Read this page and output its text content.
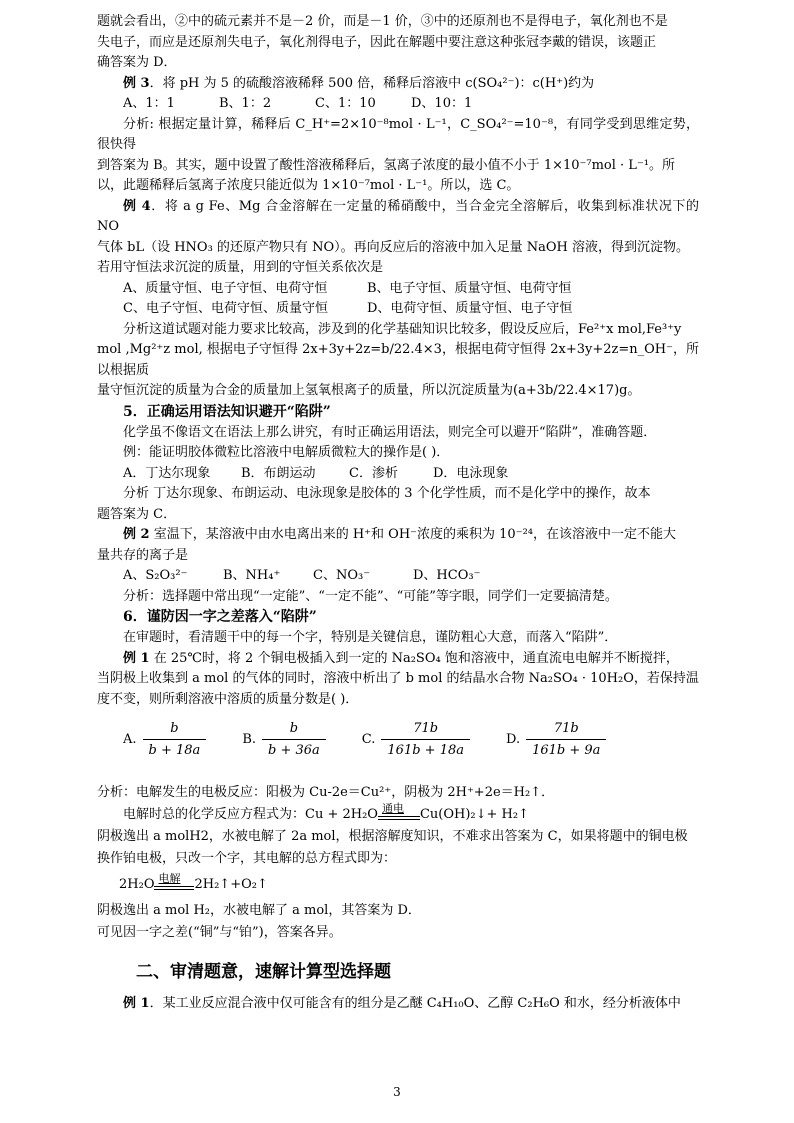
题就会看出，②中的硫元素并不是－2 价，而是－1 价，③中的还原剂也不是得电子，氧化剂也不是

失电子，而应是还原剂失电子，氧化剂得电子，因此在解题中要注意这种张冠李戴的错误，该题正

确答案为 D．

例 3．将 pH 为 5 的硫酸溶液稀释 500 倍，稀释后溶液中 c(SO₄²⁻)：c(H⁺)约为

A、1：1	B、1：2	C、1：10	D、10：1

分析: 根据定量计算，稀释后 C_H⁺=2×10⁻⁸mol · L⁻¹，C_SO₄²⁻=10⁻⁸，有同学受到思维定势，很快得

到答案为 B。其实，题中设置了酸性溶液稀释后，氢离子浓度的最小值不小于 1×10⁻⁷mol · L⁻¹。所

以，此题稀释后氢离子浓度只能近似为 1×10⁻⁷mol · L⁻¹。所以，选 C。

例 4．将 a g Fe、Mg 合金溶解在一定量的稀硝酸中，当合金完全溶解后，收集到标准状况下的 NO

气体 bL（设 HNO₃ 的还原产物只有 NO）。再向反应后的溶液中加入足量 NaOH 溶液，得到沉淀物。

若用守恒法求沉淀的质量，用到的守恒关系依次是

A、质量守恒、电子守恒、电荷守恒	B、电子守恒、质量守恒、电荷守恒
C、电子守恒、电荷守恒、质量守恒	D、电荷守恒、质量守恒、电子守恒

分析这道试题对能力要求比较高，涉及到的化学基础知识比较多，假设反应后，Fe²⁺x mol,Fe³⁺y

mol ,Mg²⁺z mol, 根据电子守恒得 2x+3y+2z=b/22.4×3，根据电荷守恒得 2x+3y+2z=n_OH⁻，所以根据质

量守恒沉淀的质量为合金的质量加上氢氧根离子的质量，所以沉淀质量为(a+3b/22.4×17)g。

5．正确运用语法知识避开“陷阱”

化学虽不像语文在语法上那么讲究，有时正确运用语法，则完全可以避开“陷阱”，准确答题．

例：能证明胶体微粒比溶液中电解质微粒大的操作是( )．

A．丁达尔现象	B．布朗运动	C．渗析	D．电泳现象

分析 丁达尔现象、布朗运动、电泳现象是胶体的 3 个化学性质，而不是化学中的操作，故本

题答案为 C．

例 2 室温下，某溶液中由水电离出来的 H⁺和 OH⁻浓度的乘积为 10⁻²⁴，在该溶液中一定不能大

量共存的离子是

A、S₂O₃²⁻	B、NH₄⁺	C、NO₃⁻	D、HCO₃⁻

分析：选择题中常出现“一定能”、“一定不能”、“可能”等字眼，同学们一定要搞清楚。

6．谨防因一字之差落入“陷阱”

在审题时，看清题干中的每一个字，特别是关键信息，谨防粗心大意，而落入“陷阱”．

例 1 在 25℃时，将 2 个铜电极插入到一定的 Na₂SO₄ 饱和溶液中，通直流电电解并不断搅拌，

当阴极上收集到 a mol 的气体的同时，溶液中析出了 b mol 的结晶水合物 Na₂SO₄ · 10H₂O，若保持温

度不变，则所剩溶液中溶质的质量分数是( )．

A. $\frac{b}{b + 18a}$	B. $\frac{b}{b + 36a}$	C. $\frac{71b}{161b + 18a}$	D. $\frac{71b}{161b + 9a}$

分析：电解发生的电极反应：阳极为 Cu-2e＝Cu²⁺，阴极为 2H⁺+2e＝H₂↑．

电解时总的化学反应方程式为：Cu + 2H₂O 通电 Cu(OH)₂↓+ H₂↑

阴极逸出 a molH2，水被电解了 2a mol，根据溶解度知识，不难求出答案为 C，如果将题中的铜电极

换作铂电极，只改一个字，其电解的总方程式即为：

2H₂O 电解 2H₂↑+O₂↑

阴极逸出 a mol H₂，水被电解了 a mol，其答案为 D．

可见因一字之差(“铜”与“铂”)，答案各异。

二、审清题意，速解计算型选择题

例 1．某工业反应混合液中仅可能含有的组分是乙醚 C₄H₁₀O、乙醇 C₂H₆O 和水，经分析液体中

3
